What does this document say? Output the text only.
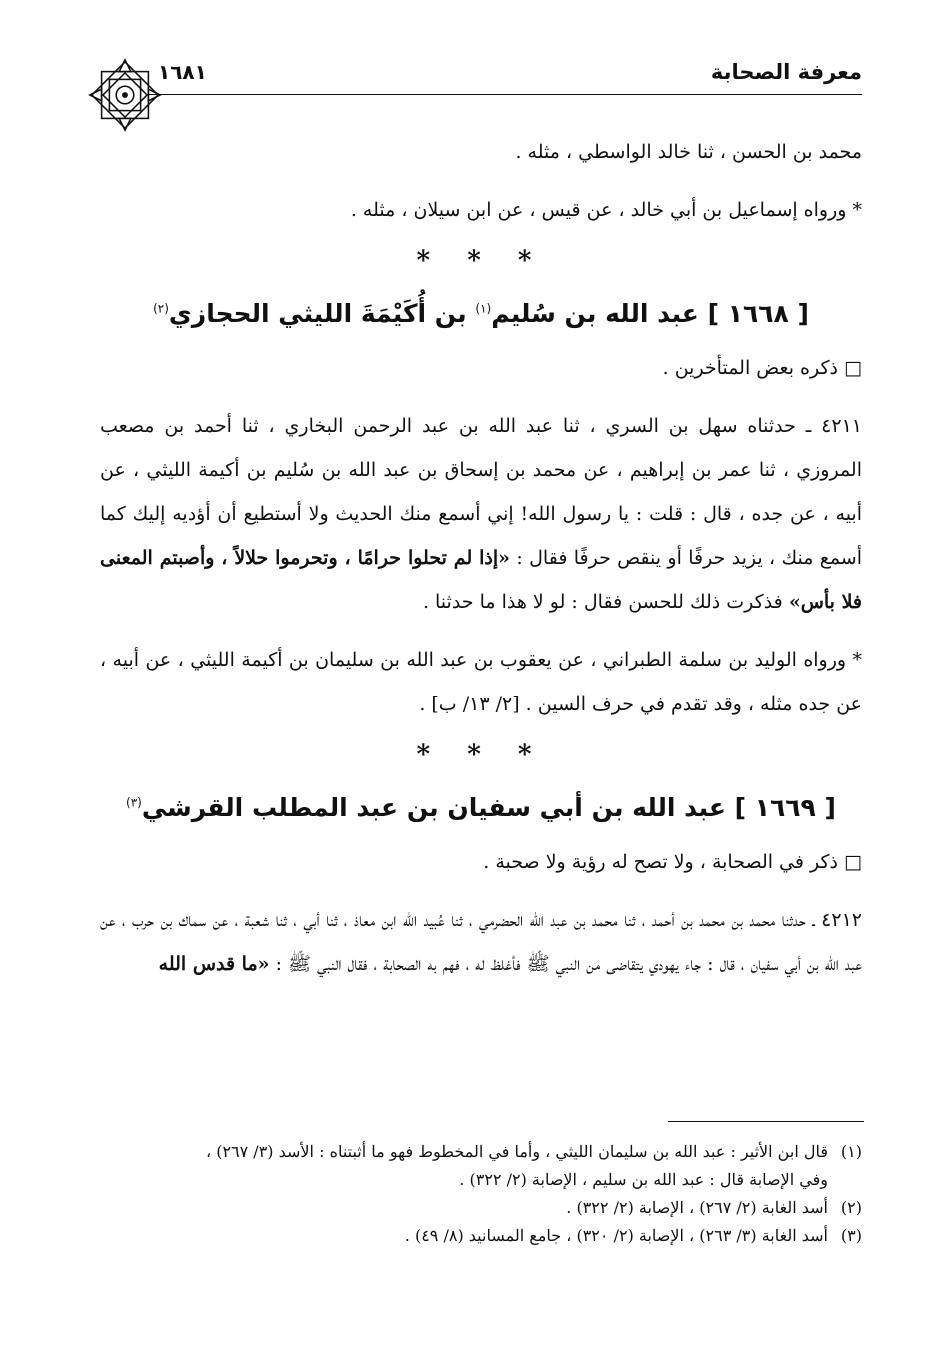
معرفة الصحابة
١٦٨١

محمد بن الحسن ، ثنا خالد الواسطي ، مثله .

* ورواه إسماعيل بن أبي خالد ، عن قيس ، عن ابن سيلان ، مثله .

* * *
[ ١٦٦٨ ] عبد الله بن سُليم$^{(١)}$ بن أُكَيْمَةَ الليثي الحجازي$^{(٢)}$

□ ذكره بعض المتأخرين .

٤٢١١ ـ حدثناه سهل بن السري ، ثنا عبد الله بن عبد الرحمن البخاري ، ثنا أحمد بن مصعب المروزي ، ثنا عمر بن إبراهيم ، عن محمد بن إسحاق بن عبد الله بن سُليم بن أكيمة الليثي ، عن أبيه ، عن جده ، قال : قلت : يا رسول الله! إني أسمع منك الحديث ولا أستطيع أن أؤديه إليك كما أسمع منك ، يزيد حرفًا أو ينقص حرفًا فقال : «إذا لم تحلوا حرامًا ، وتحرموا حلالاً ، وأصبتم المعنى فلا بأس» فذكرت ذلك للحسن فقال : لو لا هذا ما حدثنا .

* ورواه الوليد بن سلمة الطبراني ، عن يعقوب بن عبد الله بن سليمان بن أكيمة الليثي ، عن أبيه ، عن جده مثله ، وقد تقدم في حرف السين . [٢/ ١٣/ ب] .

* * *
[ ١٦٦٩ ] عبد الله بن أبي سفيان بن عبد المطلب القرشي$^{(٣)}$

□ ذكر في الصحابة ، ولا تصح له رؤية ولا صحبة .

٤٢١٢ ـ حدثنا محمد بن محمد بن أحمد ، ثنا محمد بن عبد الله الحضرمي ، ثنا عُبيد الله ابن معاذ ، ثنا أبي ، ثنا شعبة ، عن سماك بن حرب ، عن عبد الله بن أبي سفيان ، قال : جاء يهودي يتقاضى من النبي ﷺ فأغلظ له ، فهم به الصحابة ، فقال النبي ﷺ : «ما قدس الله

(١)قال ابن الأثير : عبد الله بن سليمان الليثي ، وأما في المخطوط فهو ما أثبتناه : الأسد (٣/ ٢٦٧) ،
وفي الإصابة قال : عبد الله بن سليم ، الإصابة (٢/ ٣٢٢) .

(٢)أسد الغابة (٢/ ٢٦٧) ، الإصابة (٢/ ٣٢٢) .

(٣)أسد الغابة (٣/ ٢٦٣) ، الإصابة (٢/ ٣٢٠) ، جامع المسانيد (٨/ ٤٩) .
